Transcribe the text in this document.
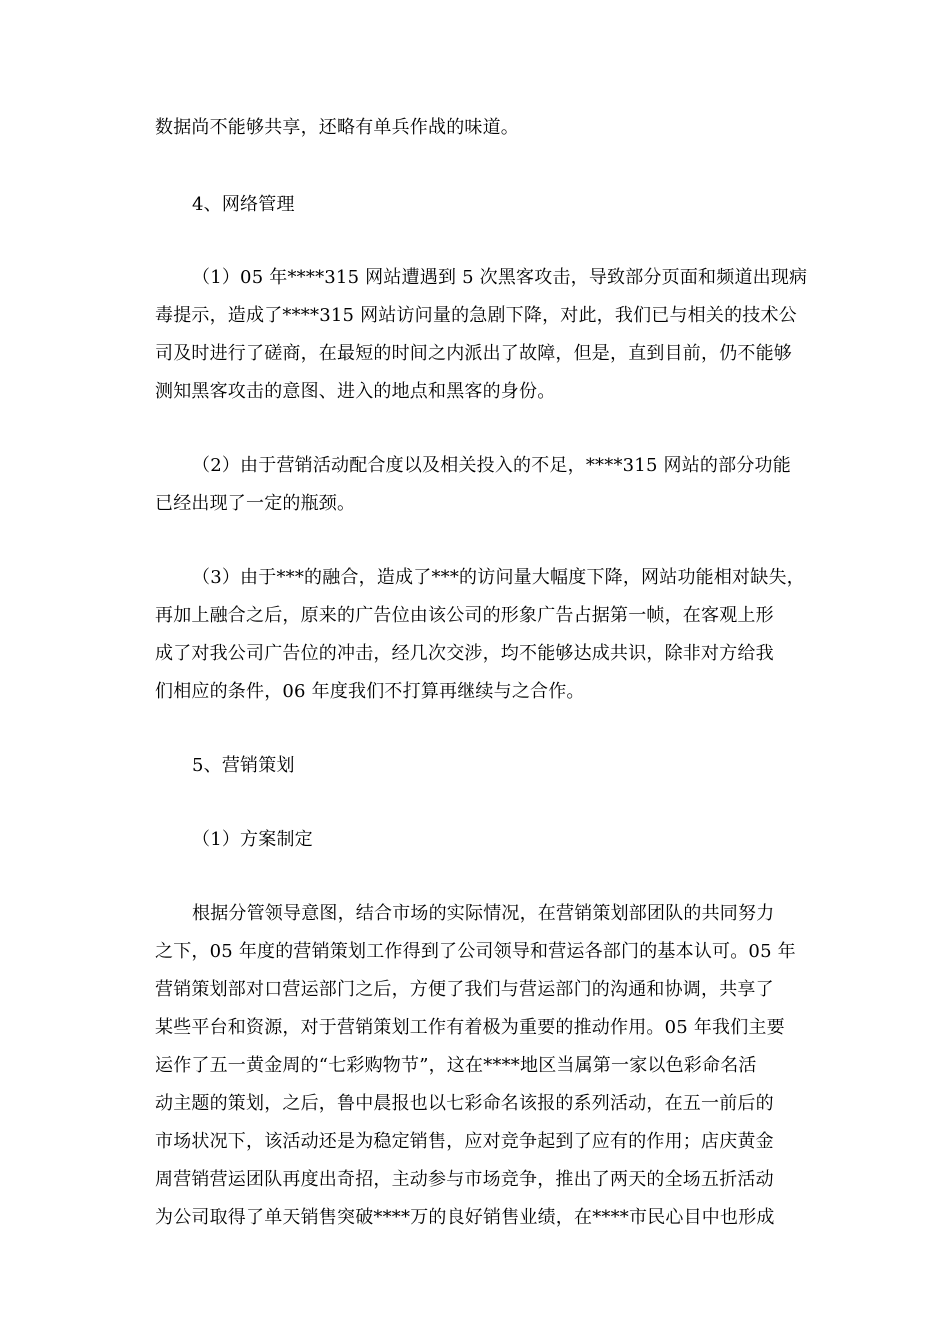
数据尚不能够共享，还略有单兵作战的味道。
4、网络管理
（1）05 年****315 网站遭遇到 5 次黑客攻击，导致部分页面和频道出现病
毒提示，造成了****315 网站访问量的急剧下降，对此，我们已与相关的技术公
司及时进行了磋商，在最短的时间之内派出了故障，但是，直到目前，仍不能够
测知黑客攻击的意图、进入的地点和黑客的身份。
（2）由于营销活动配合度以及相关投入的不足，****315 网站的部分功能
已经出现了一定的瓶颈。
（3）由于***的融合，造成了***的访问量大幅度下降，网站功能相对缺失，
再加上融合之后，原来的广告位由该公司的形象广告占据第一帧，在客观上形
成了对我公司广告位的冲击，经几次交涉，均不能够达成共识，除非对方给我
们相应的条件，06 年度我们不打算再继续与之合作。
5、营销策划
（1）方案制定
根据分管领导意图，结合市场的实际情况，在营销策划部团队的共同努力
之下，05 年度的营销策划工作得到了公司领导和营运各部门的基本认可。05 年
营销策划部对口营运部门之后，方便了我们与营运部门的沟通和协调，共享了
某些平台和资源，对于营销策划工作有着极为重要的推动作用。05 年我们主要
运作了五一黄金周的“七彩购物节”，这在****地区当属第一家以色彩命名活
动主题的策划，之后，鲁中晨报也以七彩命名该报的系列活动，在五一前后的
市场状况下，该活动还是为稳定销售，应对竞争起到了应有的作用；店庆黄金
周营销营运团队再度出奇招，主动参与市场竞争，推出了两天的全场五折活动
为公司取得了单天销售突破****万的良好销售业绩，在****市民心目中也形成
